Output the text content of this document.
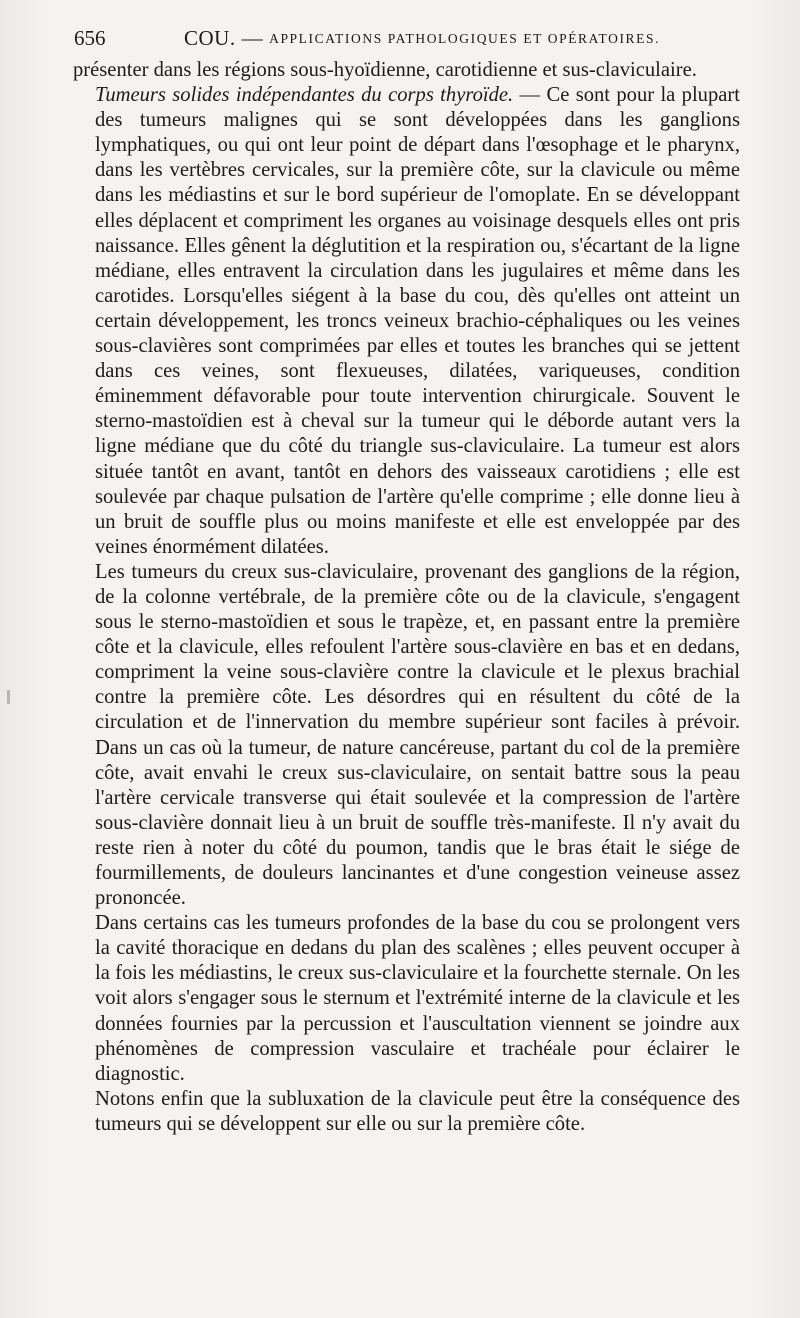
656	COU. — APPLICATIONS PATHOLOGIQUES ET OPÉRATOIRES.

présenter dans les régions sous-hyoïdienne, carotidienne et sus-claviculaire.

Tumeurs solides indépendantes du corps thyroïde. — Ce sont pour la plupart des tumeurs malignes qui se sont développées dans les ganglions lymphatiques, ou qui ont leur point de départ dans l'œsophage et le pharynx, dans les vertèbres cervicales, sur la première côte, sur la clavicule ou même dans les médiastins et sur le bord supérieur de l'omoplate. En se développant elles déplacent et compriment les organes au voisinage desquels elles ont pris naissance. Elles gênent la déglutition et la respiration ou, s'écartant de la ligne médiane, elles entravent la circulation dans les jugulaires et même dans les carotides. Lorsqu'elles siégent à la base du cou, dès qu'elles ont atteint un certain développement, les troncs veineux brachio-céphaliques ou les veines sous-clavières sont comprimées par elles et toutes les branches qui se jettent dans ces veines, sont flexueuses, dilatées, variqueuses, condition éminemment défavorable pour toute intervention chirurgicale. Souvent le sterno-mastoïdien est à cheval sur la tumeur qui le déborde autant vers la ligne médiane que du côté du triangle sus-claviculaire. La tumeur est alors située tantôt en avant, tantôt en dehors des vaisseaux carotidiens ; elle est soulevée par chaque pulsation de l'artère qu'elle comprime ; elle donne lieu à un bruit de souffle plus ou moins manifeste et elle est enveloppée par des veines énormément dilatées.

Les tumeurs du creux sus-claviculaire, provenant des ganglions de la région, de la colonne vertébrale, de la première côte ou de la clavicule, s'engagent sous le sterno-mastoïdien et sous le trapèze, et, en passant entre la première côte et la clavicule, elles refoulent l'artère sous-clavière en bas et en dedans, compriment la veine sous-clavière contre la clavicule et le plexus brachial contre la première côte. Les désordres qui en résultent du côté de la circulation et de l'innervation du membre supérieur sont faciles à prévoir. Dans un cas où la tumeur, de nature cancéreuse, partant du col de la première côte, avait envahi le creux sus-claviculaire, on sentait battre sous la peau l'artère cervicale transverse qui était soulevée et la compression de l'artère sous-clavière donnait lieu à un bruit de souffle très-manifeste. Il n'y avait du reste rien à noter du côté du poumon, tandis que le bras était le siége de fourmillements, de douleurs lancinantes et d'une congestion veineuse assez prononcée.

Dans certains cas les tumeurs profondes de la base du cou se prolongent vers la cavité thoracique en dedans du plan des scalènes ; elles peuvent occuper à la fois les médiastins, le creux sus-claviculaire et la fourchette sternale. On les voit alors s'engager sous le sternum et l'extrémité interne de la clavicule et les données fournies par la percussion et l'auscultation viennent se joindre aux phénomènes de compression vasculaire et trachéale pour éclairer le diagnostic.

Notons enfin que la subluxation de la clavicule peut être la conséquence des tumeurs qui se développent sur elle ou sur la première côte.
